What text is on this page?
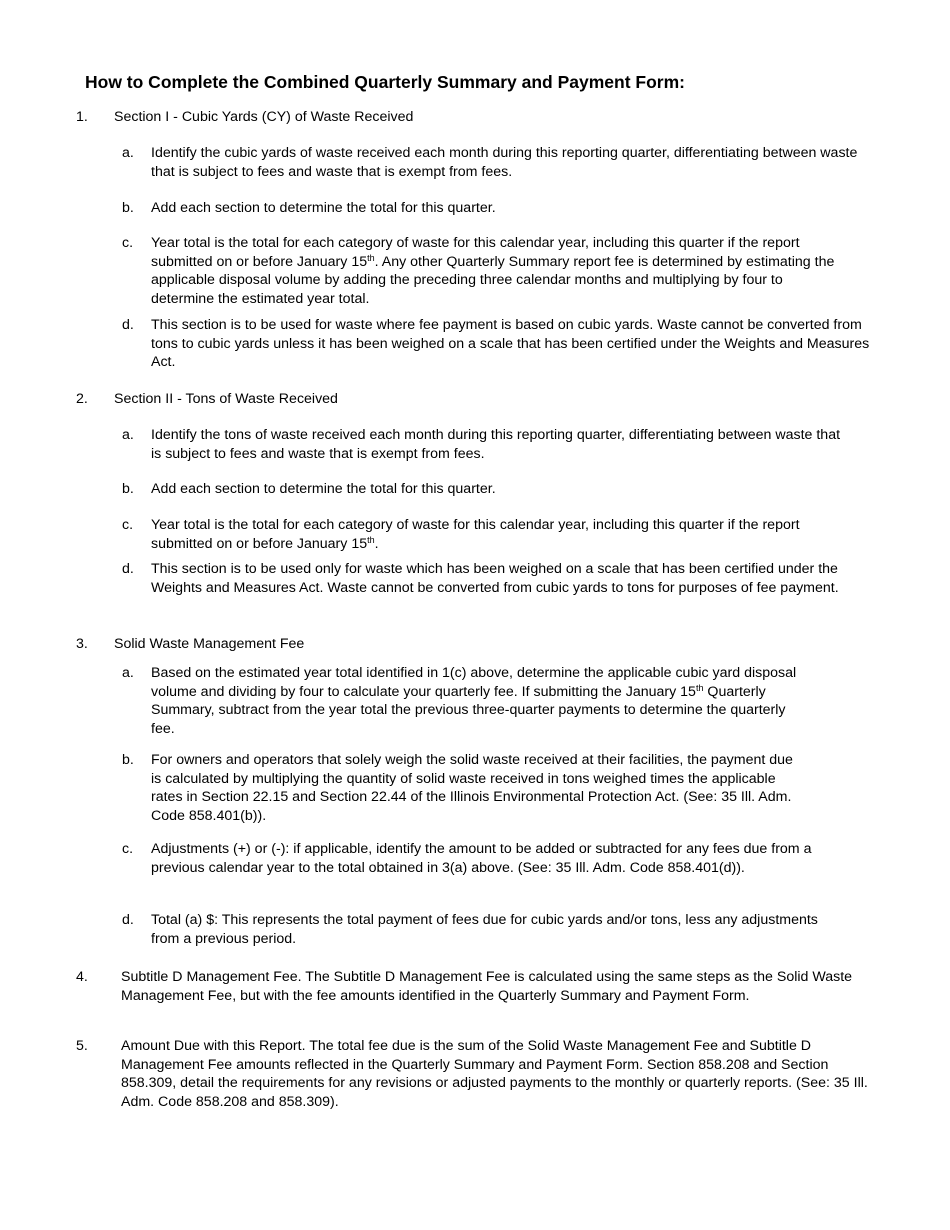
How to Complete the Combined Quarterly Summary and Payment Form:
1. Section I - Cubic Yards (CY) of Waste Received
a. Identify the cubic yards of waste received each month during this reporting quarter, differentiating between waste that is subject to fees and waste that is exempt from fees.
b. Add each section to determine the total for this quarter.
c. Year total is the total for each category of waste for this calendar year, including this quarter if the report submitted on or before January 15th. Any other Quarterly Summary report fee is determined by estimating the applicable disposal volume by adding the preceding three calendar months and multiplying by four to determine the estimated year total.
d. This section is to be used for waste where fee payment is based on cubic yards. Waste cannot be converted from tons to cubic yards unless it has been weighed on a scale that has been certified under the Weights and Measures Act.
2. Section II - Tons of Waste Received
a. Identify the tons of waste received each month during this reporting quarter, differentiating between waste that is subject to fees and waste that is exempt from fees.
b. Add each section to determine the total for this quarter.
c. Year total is the total for each category of waste for this calendar year, including this quarter if the report submitted on or before January 15th.
d. This section is to be used only for waste which has been weighed on a scale that has been certified under the Weights and Measures Act. Waste cannot be converted from cubic yards to tons for purposes of fee payment.
3. Solid Waste Management Fee
a. Based on the estimated year total identified in 1(c) above, determine the applicable cubic yard disposal volume and dividing by four to calculate your quarterly fee. If submitting the January 15th Quarterly Summary, subtract from the year total the previous three-quarter payments to determine the quarterly fee.
b. For owners and operators that solely weigh the solid waste received at their facilities, the payment due is calculated by multiplying the quantity of solid waste received in tons weighed times the applicable rates in Section 22.15 and Section 22.44 of the Illinois Environmental Protection Act. (See: 35 Ill. Adm. Code 858.401(b)).
c. Adjustments (+) or (-): if applicable, identify the amount to be added or subtracted for any fees due from a previous calendar year to the total obtained in 3(a) above. (See: 35 Ill. Adm. Code 858.401(d)).
d. Total (a) $: This represents the total payment of fees due for cubic yards and/or tons, less any adjustments from a previous period.
4. Subtitle D Management Fee. The Subtitle D Management Fee is calculated using the same steps as the Solid Waste Management Fee, but with the fee amounts identified in the Quarterly Summary and Payment Form.
5. Amount Due with this Report. The total fee due is the sum of the Solid Waste Management Fee and Subtitle D Management Fee amounts reflected in the Quarterly Summary and Payment Form. Section 858.208 and Section 858.309, detail the requirements for any revisions or adjusted payments to the monthly or quarterly reports. (See: 35 Ill. Adm. Code 858.208 and 858.309).
